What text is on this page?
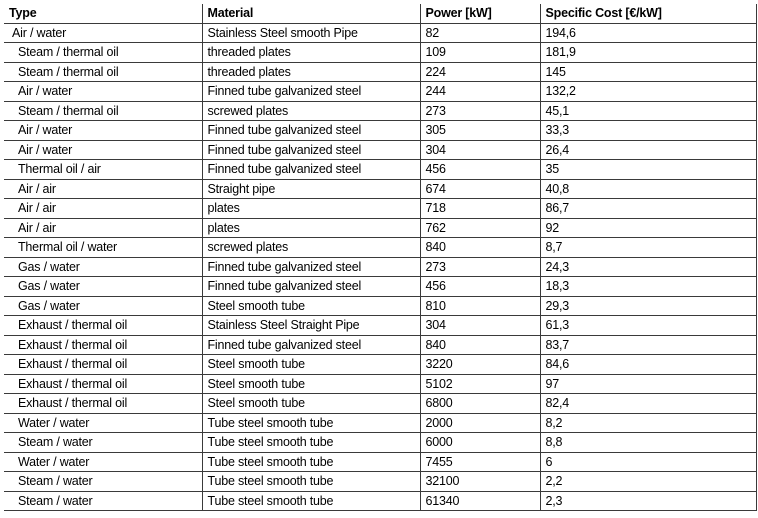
Type	Material	Power [kW]	Specific Cost [€/kW]
Air / water	Stainless Steel smooth Pipe	82	194,6
Steam / thermal oil	threaded plates	109	181,9
Steam / thermal oil	threaded plates	224	145
Air / water	Finned tube galvanized steel	244	132,2
Steam / thermal oil	screwed plates	273	45,1
Air / water	Finned tube galvanized steel	305	33,3
Air / water	Finned tube galvanized steel	304	26,4
Thermal oil / air	Finned tube galvanized steel	456	35
Air / air	Straight pipe	674	40,8
Air / air	plates	718	86,7
Air / air	plates	762	92
Thermal oil / water	screwed plates	840	8,7
Gas / water	Finned tube galvanized steel	273	24,3
Gas / water	Finned tube galvanized steel	456	18,3
Gas / water	Steel smooth tube	810	29,3
Exhaust / thermal oil	Stainless Steel Straight Pipe	304	61,3
Exhaust / thermal oil	Finned tube galvanized steel	840	83,7
Exhaust / thermal oil	Steel smooth tube	3220	84,6
Exhaust / thermal oil	Steel smooth tube	5102	97
Exhaust / thermal oil	Steel smooth tube	6800	82,4
Water / water	Tube steel smooth tube	2000	8,2
Steam / water	Tube steel smooth tube	6000	8,8
Water / water	Tube steel smooth tube	7455	6
Steam / water	Tube steel smooth tube	32100	2,2
Steam / water	Tube steel smooth tube	61340	2,3
